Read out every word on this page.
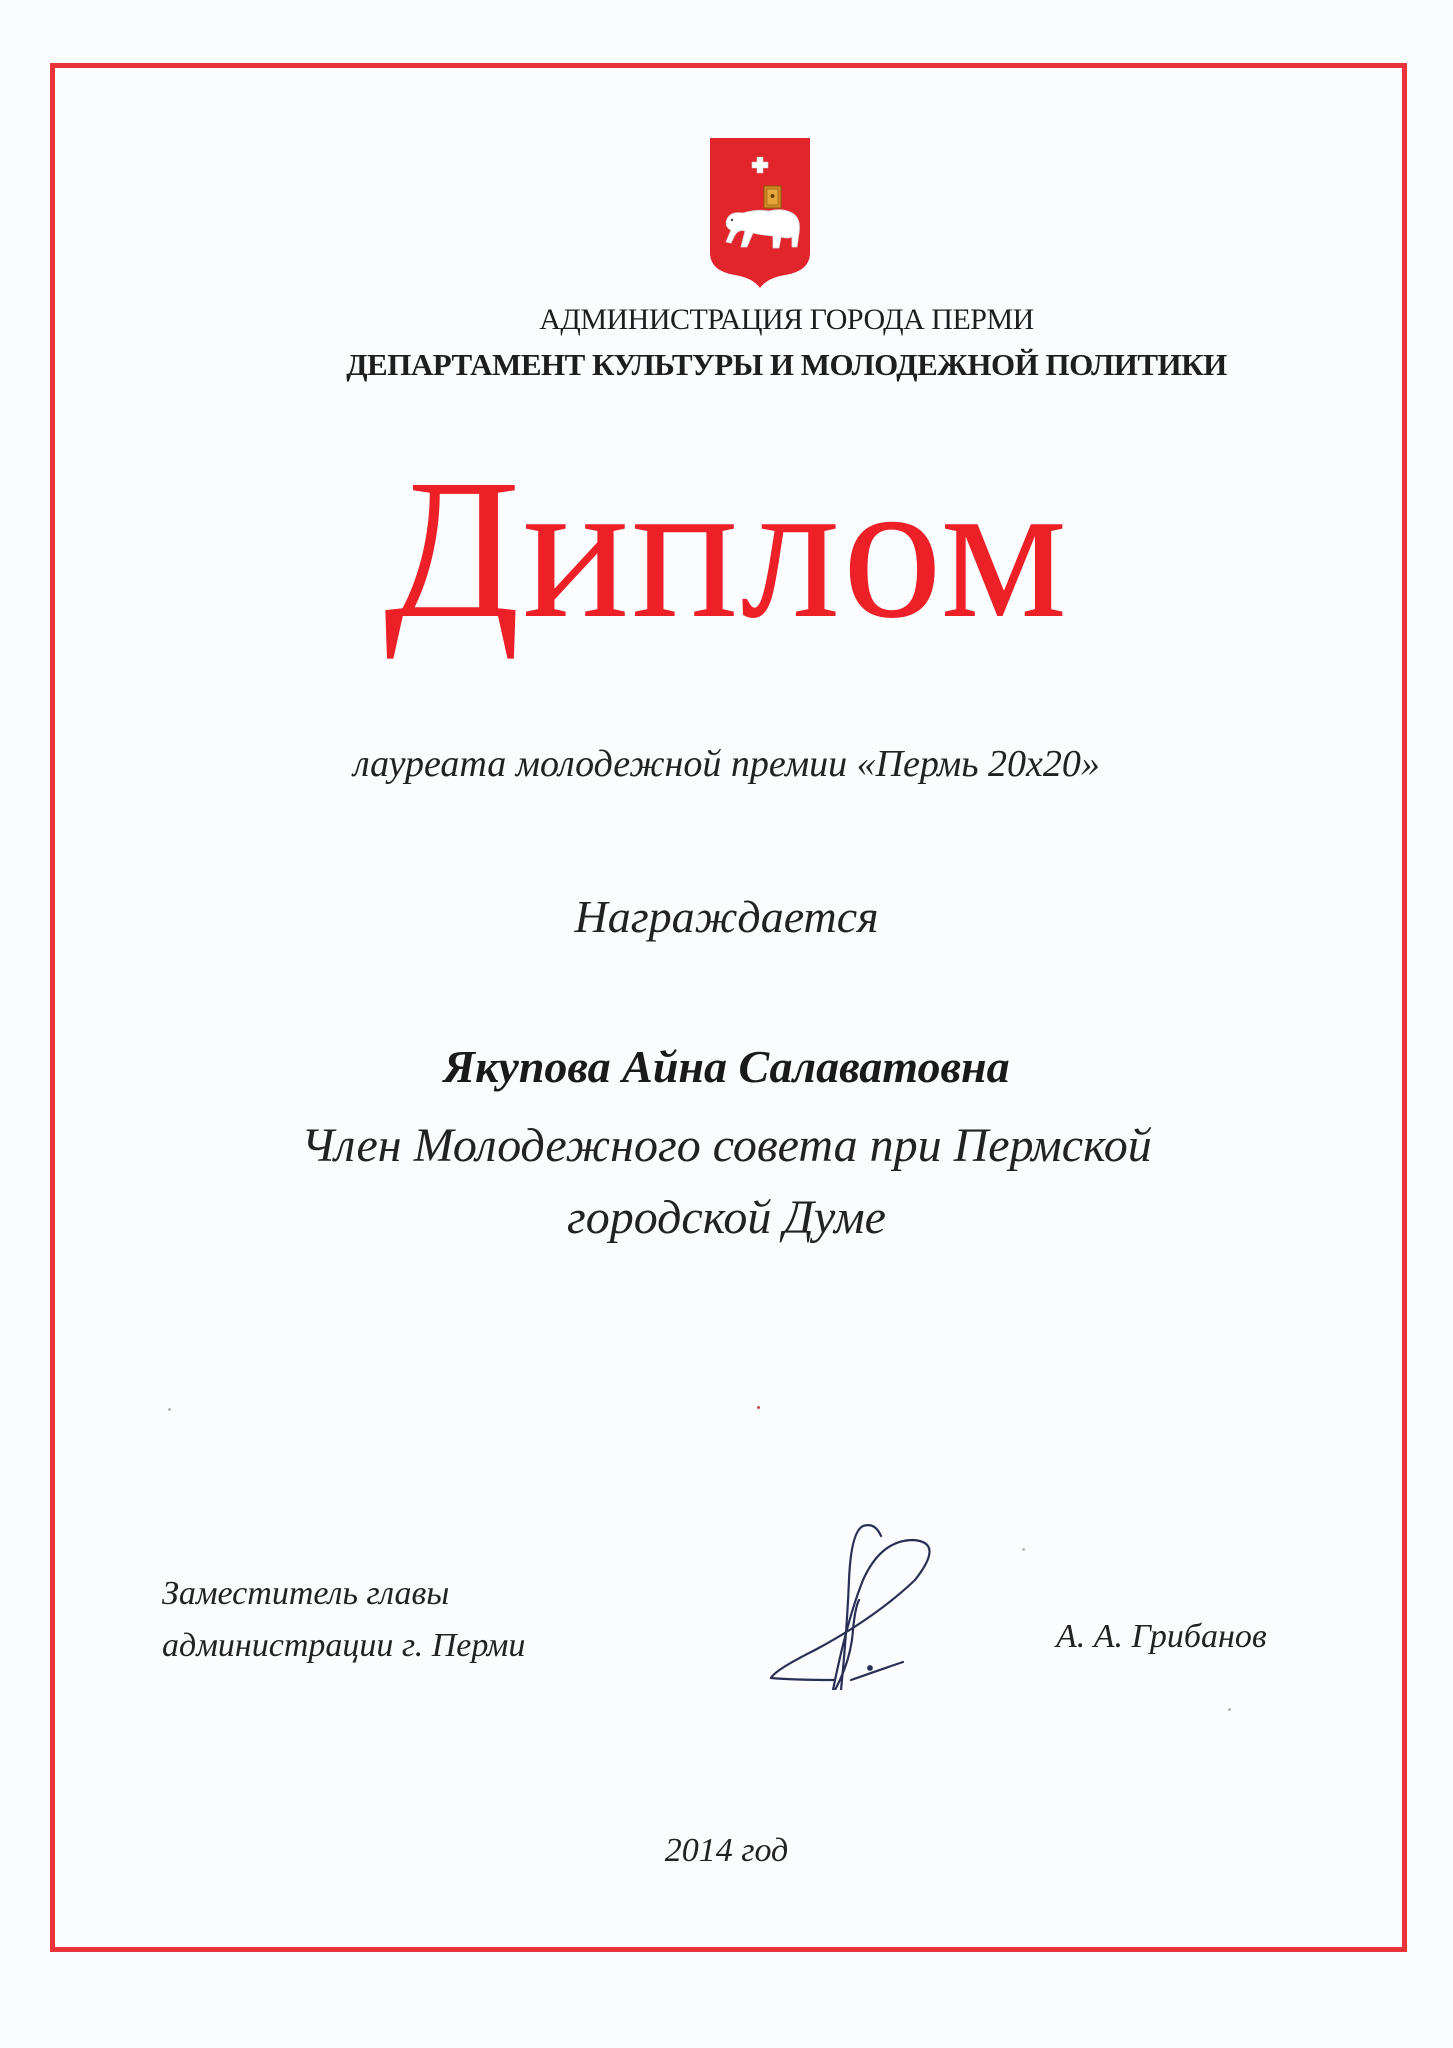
АДМИНИСТРАЦИЯ ГОРОДА ПЕРМИ
ДЕПАРТАМЕНТ КУЛЬТУРЫ И МОЛОДЕЖНОЙ ПОЛИТИКИ
Диплом
лауреата молодежной премии «Пермь 20х20»
Награждается
Якупова Айна Салаватовна
Член Молодежного совета при Пермской
городской Думе
Заместитель главы
администрации г. Перми	А. А. Грибанов
2014 год
